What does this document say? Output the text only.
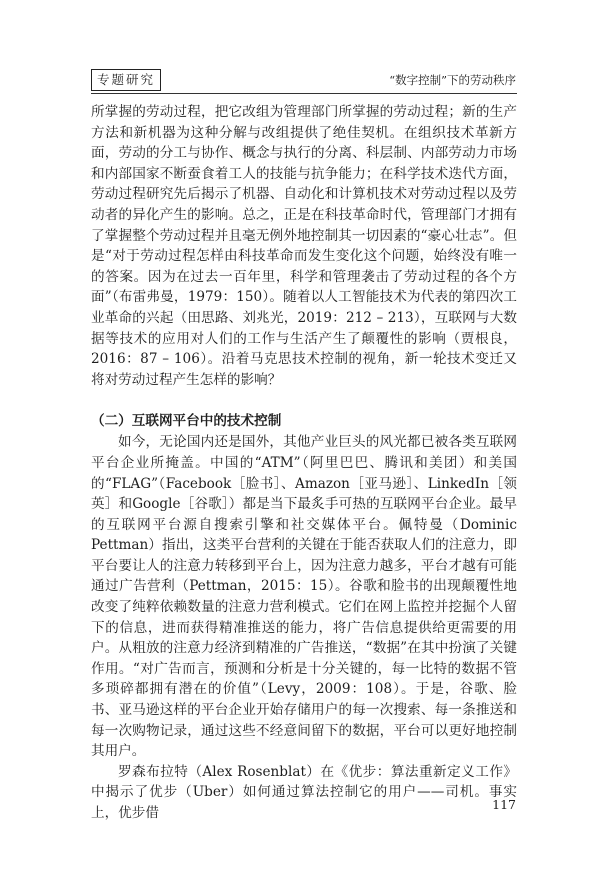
专题研究	“数字控制”下的劳动秩序

所掌握的劳动过程，把它改组为管理部门所掌握的劳动过程；新的生产方法和新机器为这种分解与改组提供了绝佳契机。在组织技术革新方面，劳动的分工与协作、概念与执行的分离、科层制、内部劳动力市场和内部国家不断蚕食着工人的技能与抗争能力；在科学技术迭代方面，劳动过程研究先后揭示了机器、自动化和计算机技术对劳动过程以及劳动者的异化产生的影响。总之，正是在科技革命时代，管理部门才拥有了掌握整个劳动过程并且毫无例外地控制其一切因素的“豪心壮志”。但是“对于劳动过程怎样由科技革命而发生变化这个问题，始终没有唯一的答案。因为在过去一百年里，科学和管理袭击了劳动过程的各个方面”（布雷弗曼，1979：150）。随着以人工智能技术为代表的第四次工业革命的兴起（田思路、刘兆光，2019：212 – 213），互联网与大数据等技术的应用对人们的工作与生活产生了颠覆性的影响（贾根良，2016：87 – 106）。沿着马克思技术控制的视角，新一轮技术变迁又将对劳动过程产生怎样的影响？

（二）互联网平台中的技术控制

如今，无论国内还是国外，其他产业巨头的风光都已被各类互联网平台企业所掩盖。中国的“ATM”（阿里巴巴、腾讯和美团）和美国的“FLAG”（Facebook［脸书］、Amazon［亚马逊］、LinkedIn［领英］和Google［谷歌］）都是当下最炙手可热的互联网平台企业。最早的互联网平台源自搜索引擎和社交媒体平台。佩特曼（Dominic Pettman）指出，这类平台营利的关键在于能否获取人们的注意力，即平台要让人的注意力转移到平台上，因为注意力越多，平台才越有可能通过广告营利（Pettman，2015：15）。谷歌和脸书的出现颠覆性地改变了纯粹依赖数量的注意力营利模式。它们在网上监控并挖掘个人留下的信息，进而获得精准推送的能力，将广告信息提供给更需要的用户。从粗放的注意力经济到精准的广告推送，“数据”在其中扮演了关键作用。“对广告而言，预测和分析是十分关键的，每一比特的数据不管多琐碎都拥有潜在的价值”（Levy，2009：108）。于是，谷歌、脸书、亚马逊这样的平台企业开始存储用户的每一次搜索、每一条推送和每一次购物记录，通过这些不经意间留下的数据，平台可以更好地控制其用户。

罗森布拉特（Alex Rosenblat）在《优步：算法重新定义工作》中揭示了优步（Uber）如何通过算法控制它的用户——司机。事实上，优步借

117
